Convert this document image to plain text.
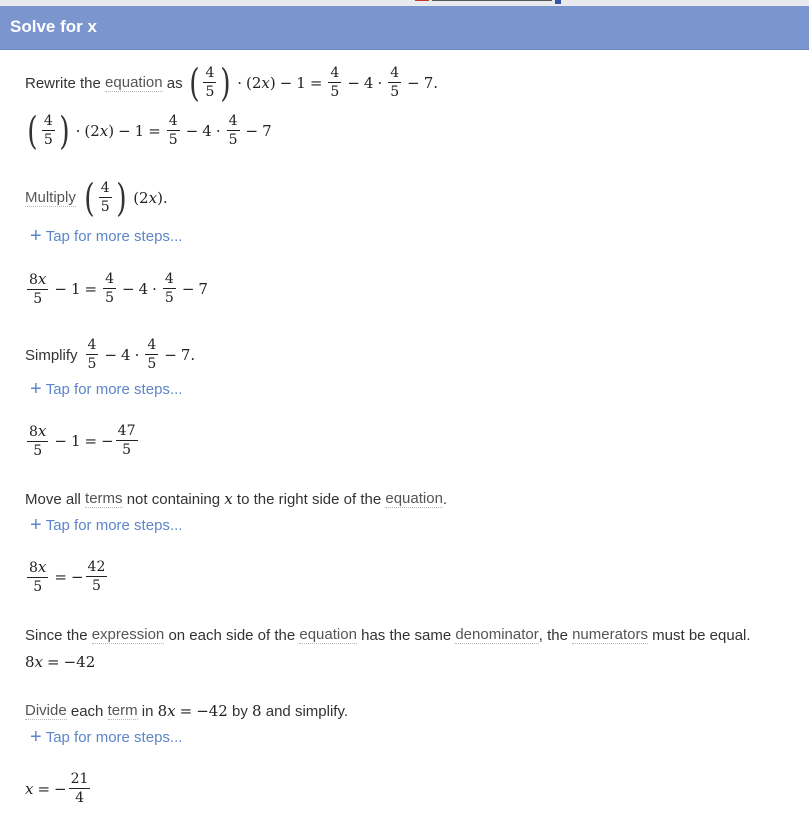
Solve for x
Rewrite the
equation
as ( $\frac{4}{5}$ ) · (2 x ) − $1 = \frac{4}{5} - 4 \cdot \frac{4}{5} - 7$.
( $\frac{4}{5}$ ) · (2 x ) − $1 = \frac{4}{5} - 4 \cdot \frac{4}{5} - 7$
Multiply ( $\frac{4}{5}$ ) (2 x ).
+ Tap for more steps...
$\frac{8x}{5} - 1 = \frac{4}{5} - 4 \cdot \frac{4}{5} - 7$
Simplify $\frac{4}{5} - 4 \cdot \frac{4}{5} - 7$.
+ Tap for more steps...
$\frac{8x}{5} - 1$ = − $\frac{47}{5}$
Move all
terms
not containing
x
to the right side of the
equation .
+ Tap for more steps...
$\frac{8x}{5}$ = − $\frac{42}{5}$
Since the
expression
on each side of the
equation
has the same
denominator , the
numerators
must be equal.
8x = −42
Divide
each
term
in
8x = −42
by
8
and simplify.
+ Tap for more steps...
x = − $\frac{21}{4}$
